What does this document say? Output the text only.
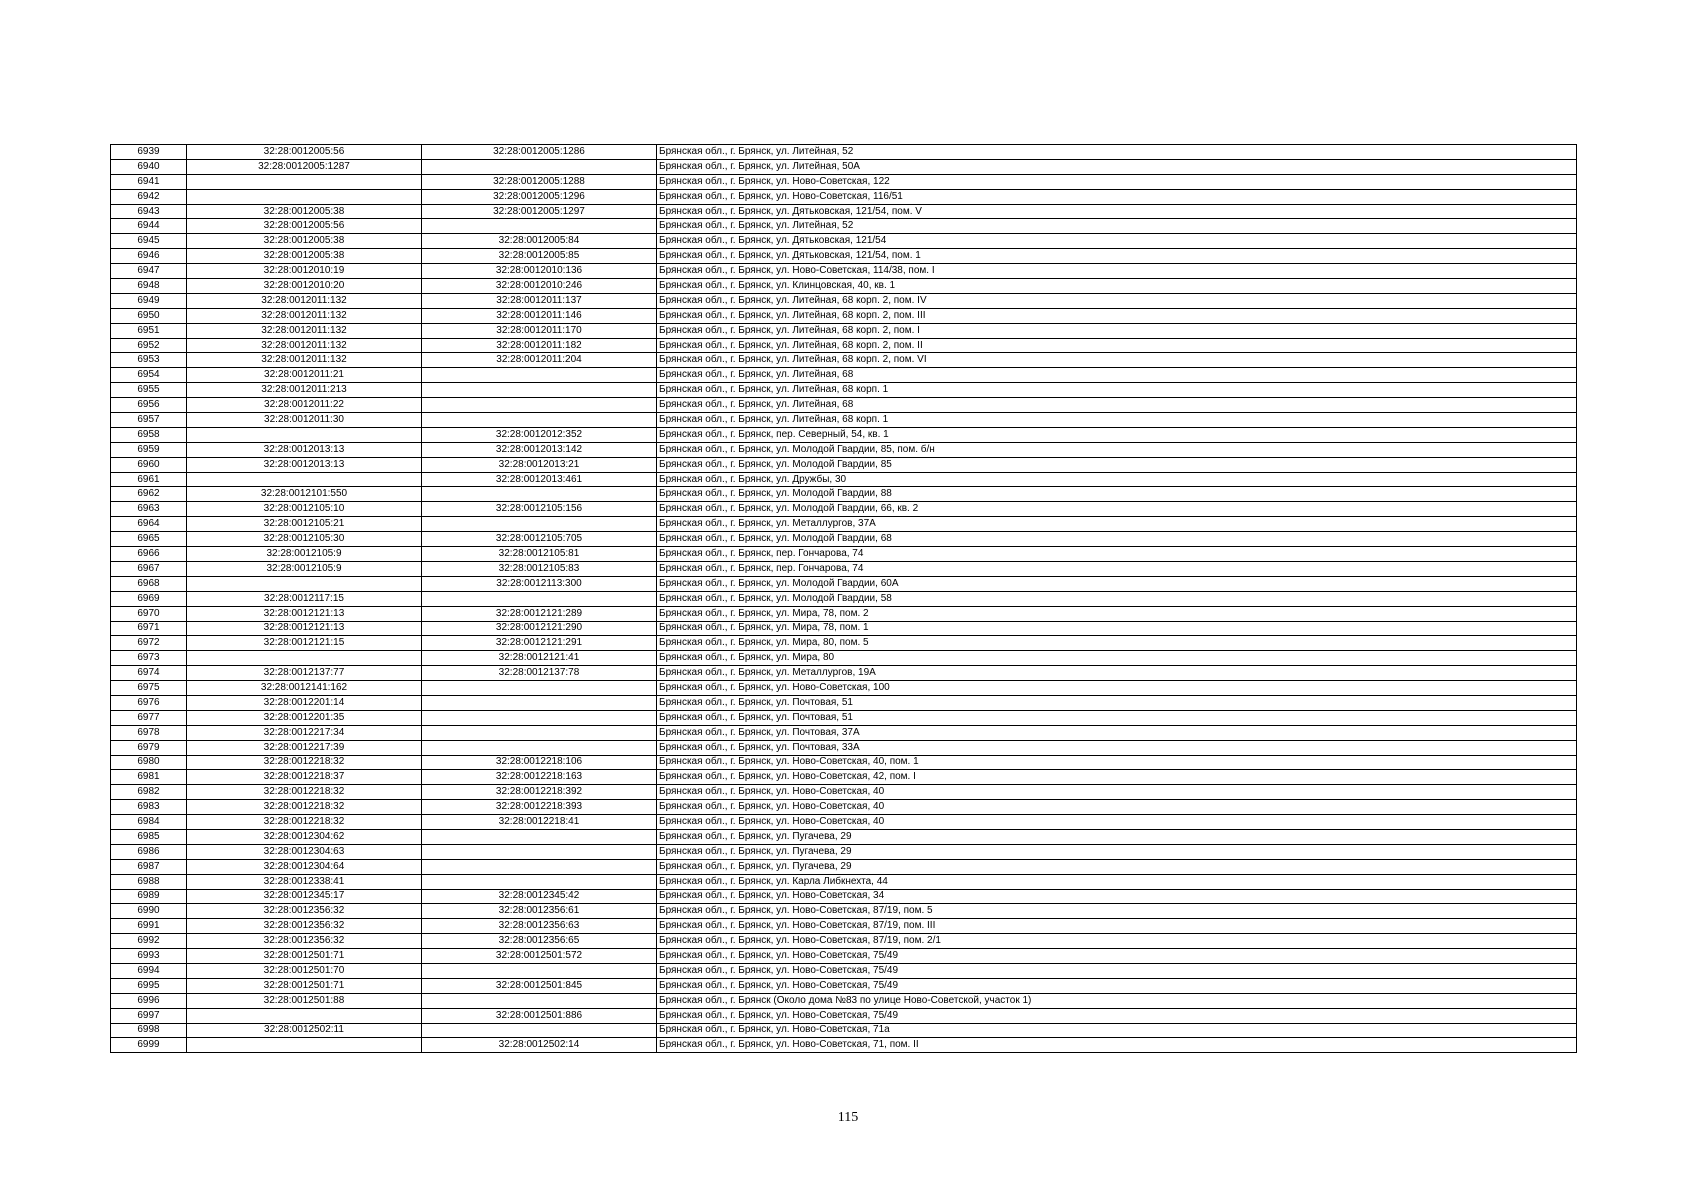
6939	32:28:0012005:56	32:28:0012005:1286	Брянская обл., г. Брянск, ул. Литейная, 52
6940	32:28:0012005:1287		Брянская обл., г. Брянск, ул. Литейная, 50А
6941		32:28:0012005:1288	Брянская обл., г. Брянск, ул. Ново-Советская, 122
6942		32:28:0012005:1296	Брянская обл., г. Брянск, ул. Ново-Советская, 116/51
6943	32:28:0012005:38	32:28:0012005:1297	Брянская обл., г. Брянск, ул. Дятьковская, 121/54, пом. V
6944	32:28:0012005:56		Брянская обл., г. Брянск, ул. Литейная, 52
6945	32:28:0012005:38	32:28:0012005:84	Брянская обл., г. Брянск, ул. Дятьковская, 121/54
6946	32:28:0012005:38	32:28:0012005:85	Брянская обл., г. Брянск, ул. Дятьковская, 121/54, пом. 1
6947	32:28:0012010:19	32:28:0012010:136	Брянская обл., г. Брянск, ул. Ново-Советская, 114/38, пом. I
6948	32:28:0012010:20	32:28:0012010:246	Брянская обл., г. Брянск, ул. Клинцовская, 40, кв. 1
6949	32:28:0012011:132	32:28:0012011:137	Брянская обл., г. Брянск, ул. Литейная, 68 корп. 2, пом. IV
6950	32:28:0012011:132	32:28:0012011:146	Брянская обл., г. Брянск, ул. Литейная, 68 корп. 2, пом. III
6951	32:28:0012011:132	32:28:0012011:170	Брянская обл., г. Брянск, ул. Литейная, 68 корп. 2, пом. I
6952	32:28:0012011:132	32:28:0012011:182	Брянская обл., г. Брянск, ул. Литейная, 68 корп. 2, пом. II
6953	32:28:0012011:132	32:28:0012011:204	Брянская обл., г. Брянск, ул. Литейная, 68 корп. 2, пом. VI
6954	32:28:0012011:21		Брянская обл., г. Брянск, ул. Литейная, 68
6955	32:28:0012011:213		Брянская обл., г. Брянск, ул. Литейная, 68 корп. 1
6956	32:28:0012011:22		Брянская обл., г. Брянск, ул. Литейная, 68
6957	32:28:0012011:30		Брянская обл., г. Брянск, ул. Литейная, 68 корп. 1
6958		32:28:0012012:352	Брянская обл., г. Брянск, пер. Северный, 54, кв. 1
6959	32:28:0012013:13	32:28:0012013:142	Брянская обл., г. Брянск, ул. Молодой Гвардии, 85, пом. б/н
6960	32:28:0012013:13	32:28:0012013:21	Брянская обл., г. Брянск, ул. Молодой Гвардии, 85
6961		32:28:0012013:461	Брянская обл., г. Брянск, ул. Дружбы, 30
6962	32:28:0012101:550		Брянская обл., г. Брянск, ул. Молодой Гвардии, 88
6963	32:28:0012105:10	32:28:0012105:156	Брянская обл., г. Брянск, ул. Молодой Гвардии, 66, кв. 2
6964	32:28:0012105:21		Брянская обл., г. Брянск, ул. Металлургов, 37А
6965	32:28:0012105:30	32:28:0012105:705	Брянская обл., г. Брянск, ул. Молодой Гвардии, 68
6966	32:28:0012105:9	32:28:0012105:81	Брянская обл., г. Брянск, пер. Гончарова, 74
6967	32:28:0012105:9	32:28:0012105:83	Брянская обл., г. Брянск, пер. Гончарова, 74
6968		32:28:0012113:300	Брянская обл., г. Брянск, ул. Молодой Гвардии, 60А
6969	32:28:0012117:15		Брянская обл., г. Брянск, ул. Молодой Гвардии, 58
6970	32:28:0012121:13	32:28:0012121:289	Брянская обл., г. Брянск, ул. Мира, 78, пом. 2
6971	32:28:0012121:13	32:28:0012121:290	Брянская обл., г. Брянск, ул. Мира, 78, пом. 1
6972	32:28:0012121:15	32:28:0012121:291	Брянская обл., г. Брянск, ул. Мира, 80, пом. 5
6973		32:28:0012121:41	Брянская обл., г. Брянск, ул. Мира, 80
6974	32:28:0012137:77	32:28:0012137:78	Брянская обл., г. Брянск, ул. Металлургов, 19А
6975	32:28:0012141:162		Брянская обл., г. Брянск, ул. Ново-Советская, 100
6976	32:28:0012201:14		Брянская обл., г. Брянск, ул. Почтовая, 51
6977	32:28:0012201:35		Брянская обл., г. Брянск, ул. Почтовая, 51
6978	32:28:0012217:34		Брянская обл., г. Брянск, ул. Почтовая, 37А
6979	32:28:0012217:39		Брянская обл., г. Брянск, ул. Почтовая, 33А
6980	32:28:0012218:32	32:28:0012218:106	Брянская обл., г. Брянск, ул. Ново-Советская, 40, пом. 1
6981	32:28:0012218:37	32:28:0012218:163	Брянская обл., г. Брянск, ул. Ново-Советская, 42, пом. I
6982	32:28:0012218:32	32:28:0012218:392	Брянская обл., г. Брянск, ул. Ново-Советская, 40
6983	32:28:0012218:32	32:28:0012218:393	Брянская обл., г. Брянск, ул. Ново-Советская, 40
6984	32:28:0012218:32	32:28:0012218:41	Брянская обл., г. Брянск, ул. Ново-Советская, 40
6985	32:28:0012304:62		Брянская обл., г. Брянск, ул. Пугачева, 29
6986	32:28:0012304:63		Брянская обл., г. Брянск, ул. Пугачева, 29
6987	32:28:0012304:64		Брянская обл., г. Брянск, ул. Пугачева, 29
6988	32:28:0012338:41		Брянская обл., г. Брянск, ул. Карла Либкнехта, 44
6989	32:28:0012345:17	32:28:0012345:42	Брянская обл., г. Брянск, ул. Ново-Советская, 34
6990	32:28:0012356:32	32:28:0012356:61	Брянская обл., г. Брянск, ул. Ново-Советская, 87/19, пом. 5
6991	32:28:0012356:32	32:28:0012356:63	Брянская обл., г. Брянск, ул. Ново-Советская, 87/19, пом. III
6992	32:28:0012356:32	32:28:0012356:65	Брянская обл., г. Брянск, ул. Ново-Советская, 87/19, пом. 2/1
6993	32:28:0012501:71	32:28:0012501:572	Брянская обл., г. Брянск, ул. Ново-Советская, 75/49
6994	32:28:0012501:70		Брянская обл., г. Брянск, ул. Ново-Советская, 75/49
6995	32:28:0012501:71	32:28:0012501:845	Брянская обл., г. Брянск, ул. Ново-Советская, 75/49
6996	32:28:0012501:88		Брянская обл., г. Брянск (Около дома №83 по улице Ново-Советской, участок 1)
6997		32:28:0012501:886	Брянская обл., г. Брянск, ул. Ново-Советская, 75/49
6998	32:28:0012502:11		Брянская обл., г. Брянск, ул. Ново-Советская, 71а
6999		32:28:0012502:14	Брянская обл., г. Брянск, ул. Ново-Советская, 71, пом. II
115
